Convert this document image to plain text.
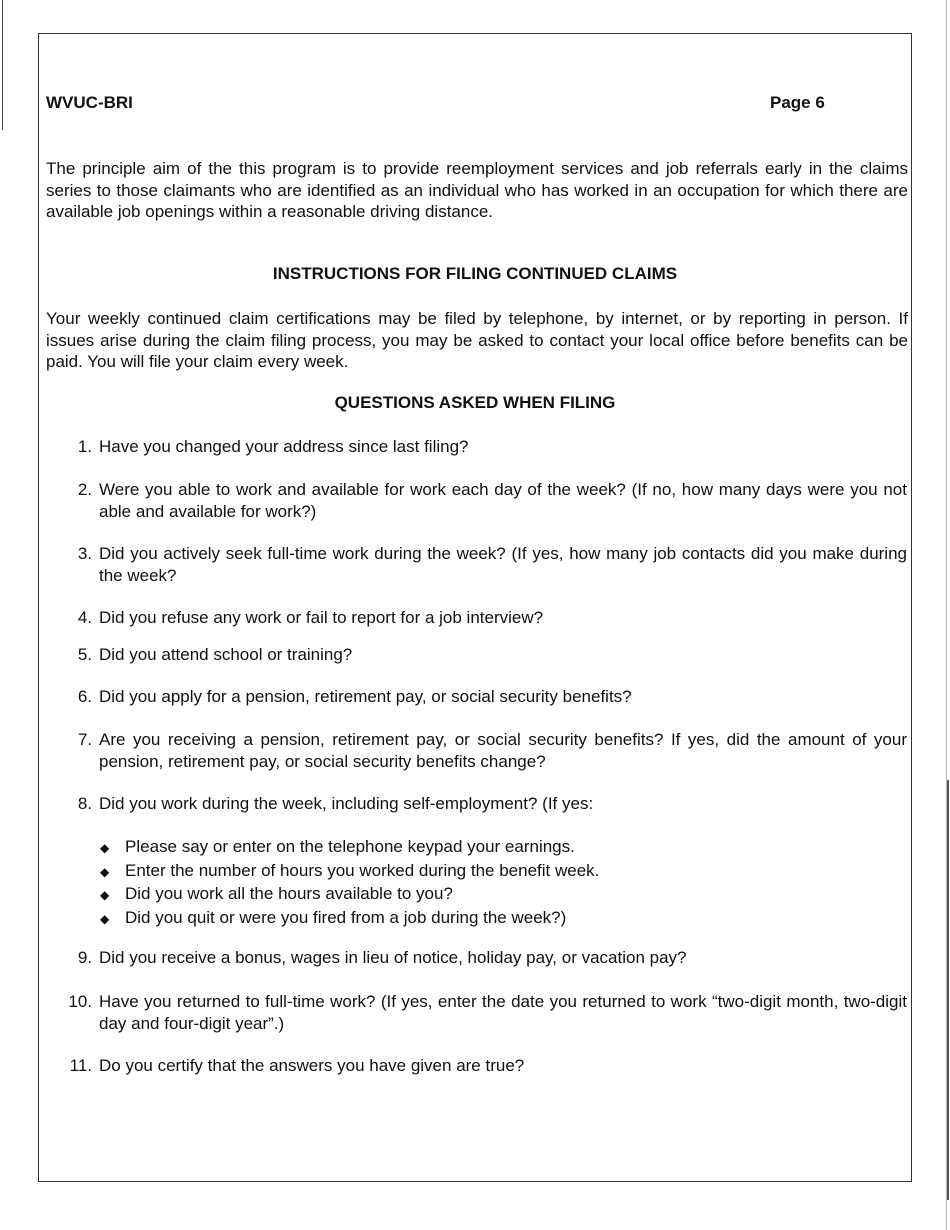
WVUC-BRI	Page 6
The principle aim of the this program is to provide reemployment services and job referrals early in the claims series to those claimants who are identified as an individual who has worked in an occupation for which there are available job openings within a reasonable driving distance.
INSTRUCTIONS FOR FILING CONTINUED CLAIMS
Your weekly continued claim certifications may be filed by telephone, by internet, or by reporting in person. If issues arise during the claim filing process, you may be asked to contact your local office before benefits can be paid. You will file your claim every week.
QUESTIONS ASKED WHEN FILING
1. Have you changed your address since last filing?
2. Were you able to work and available for work each day of the week? (If no, how many days were you not able and available for work?)
3. Did you actively seek full-time work during the week? (If yes, how many job contacts did you make during the week?
4. Did you refuse any work or fail to report for a job interview?
5. Did you attend school or training?
6. Did you apply for a pension, retirement pay, or social security benefits?
7. Are you receiving a pension, retirement pay, or social security benefits? If yes, did the amount of your pension, retirement pay, or social security benefits change?
8. Did you work during the week, including self-employment? (If yes:
◆ Please say or enter on the telephone keypad your earnings.
◆ Enter the number of hours you worked during the benefit week.
◆ Did you work all the hours available to you?
◆ Did you quit or were you fired from a job during the week?)
9. Did you receive a bonus, wages in lieu of notice, holiday pay, or vacation pay?
10. Have you returned to full-time work? (If yes, enter the date you returned to work “two-digit month, two-digit day and four-digit year”.)
11. Do you certify that the answers you have given are true?
